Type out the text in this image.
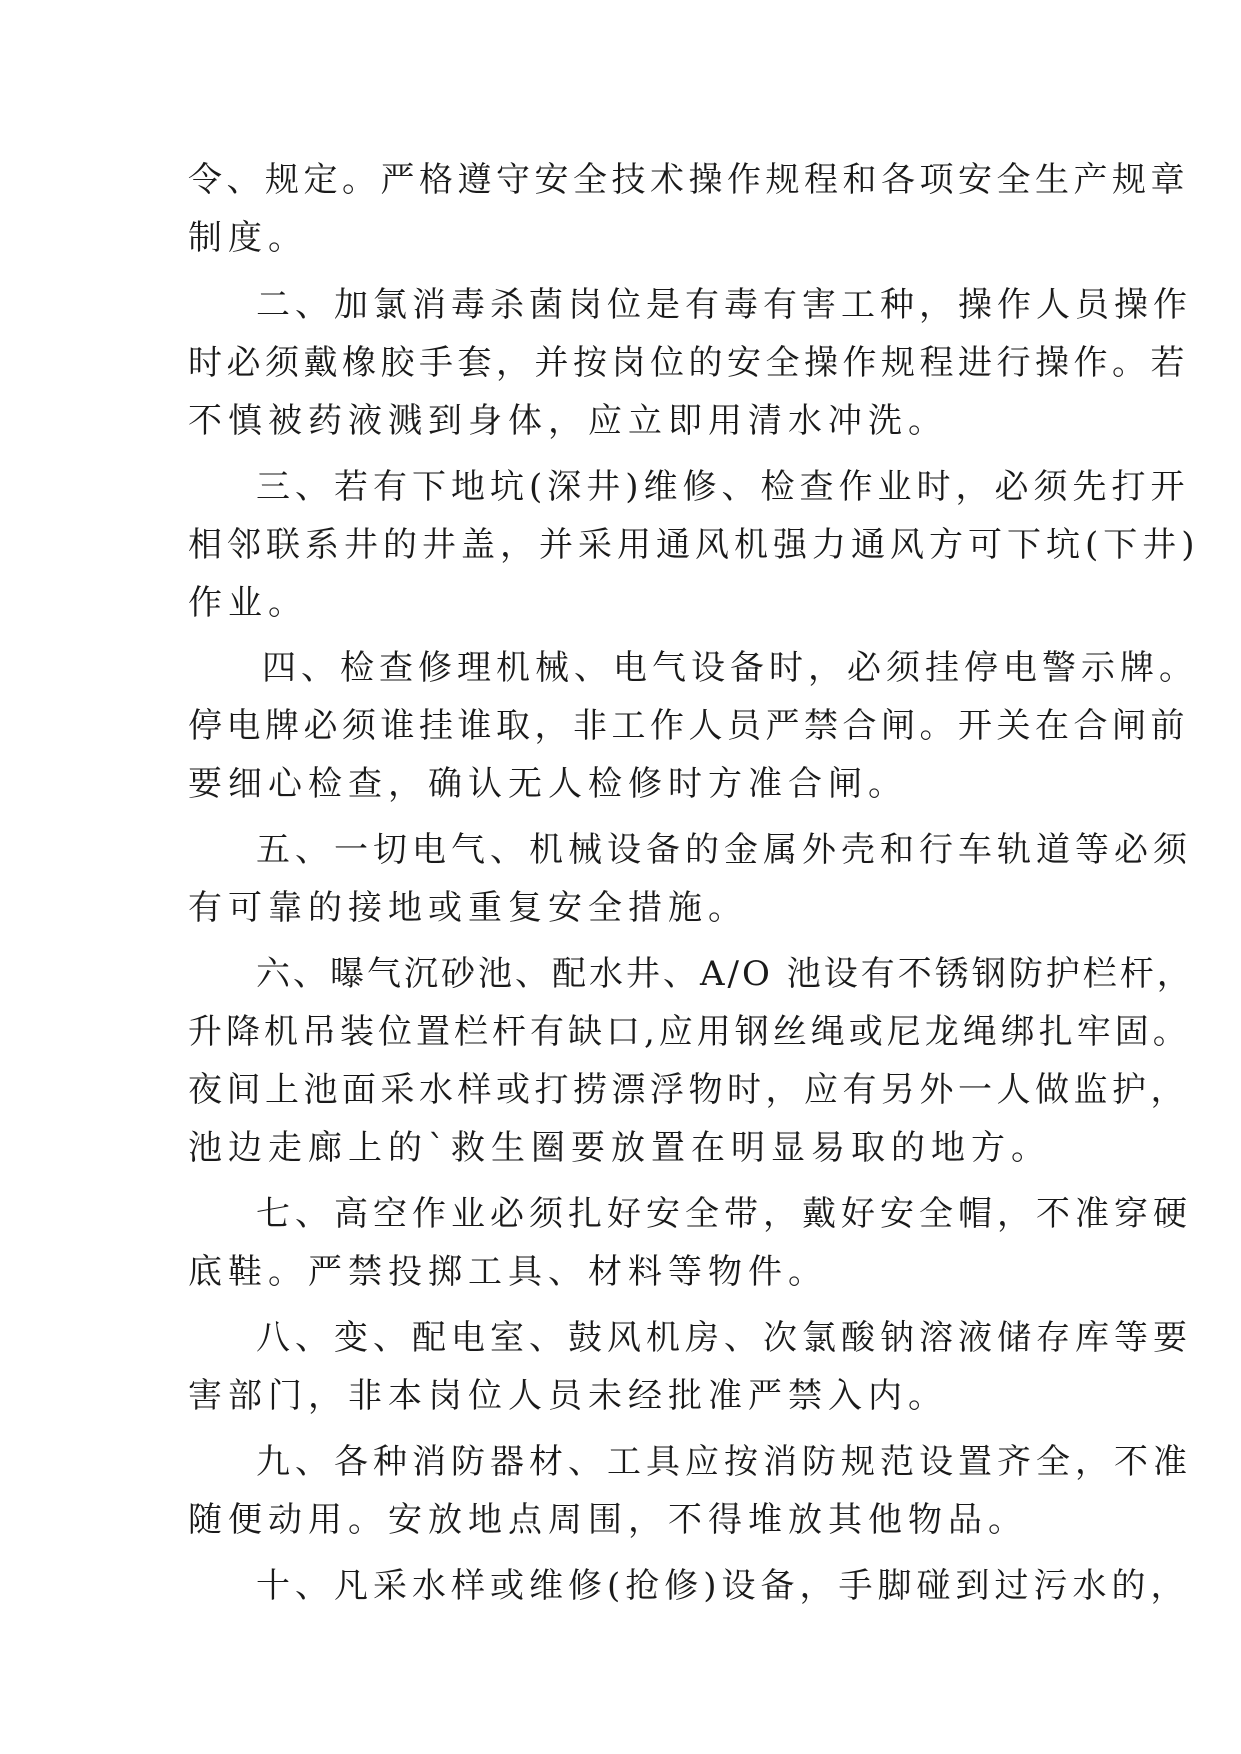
令、规定。严格遵守安全技术操作规程和各项安全生产规章
制度。
二、加氯消毒杀菌岗位是有毒有害工种，操作人员操作
时必须戴橡胶手套，并按岗位的安全操作规程进行操作。若
不慎被药液溅到身体，应立即用清水冲洗。
三、若有下地坑(深井)维修、检查作业时，必须先打开
相邻联系井的井盖，并采用通风机强力通风方可下坑(下井)
作业。
四、检查修理机械、电气设备时，必须挂停电警示牌。
停电牌必须谁挂谁取，非工作人员严禁合闸。开关在合闸前
要细心检查，确认无人检修时方准合闸。
五、一切电气、机械设备的金属外壳和行车轨道等必须
有可靠的接地或重复安全措施。
六、曝气沉砂池、配水井、A/O 池设有不锈钢防护栏杆，
升降机吊装位置栏杆有缺口,应用钢丝绳或尼龙绳绑扎牢固。
夜间上池面采水样或打捞漂浮物时，应有另外一人做监护，
池边走廊上的`救生圈要放置在明显易取的地方。
七、高空作业必须扎好安全带，戴好安全帽，不准穿硬
底鞋。严禁投掷工具、材料等物件。
八、变、配电室、鼓风机房、次氯酸钠溶液储存库等要
害部门，非本岗位人员未经批准严禁入内。
九、各种消防器材、工具应按消防规范设置齐全，不准
随便动用。安放地点周围，不得堆放其他物品。
十、凡采水样或维修(抢修)设备，手脚碰到过污水的，
